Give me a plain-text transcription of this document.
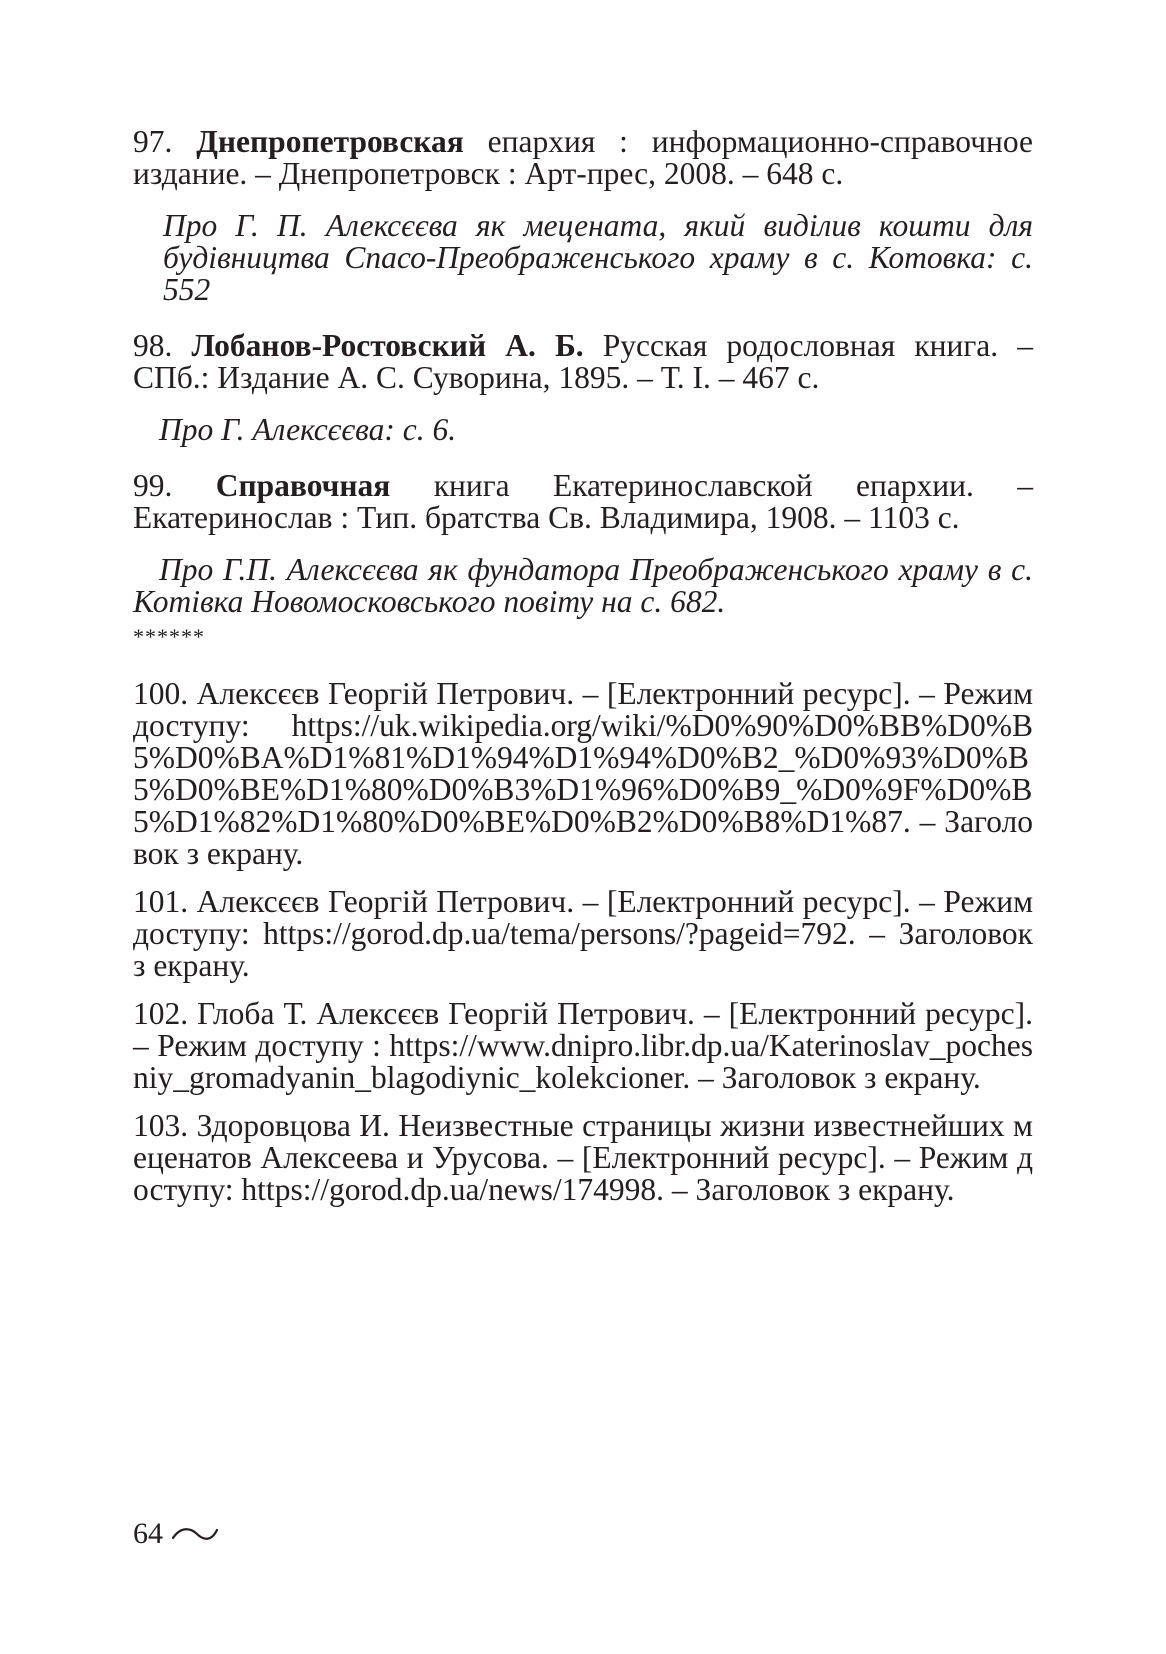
97. Днепропетровская епархия : информационно-справочное издание. – Днепропетровск : Арт-прес, 2008. – 648 с.

Про Г. П. Алексєєва як мецената, який виділив кошти для будівництва Спасо-Преображенського храму в с. Котовка: с. 552

98. Лобанов-Ростовский А. Б. Русская родословная книга. – СПб.: Издание А. С. Суворина, 1895. – Т. I. – 467 с.

Про Г. Алексєєва: с. 6.

99. Справочная книга Екатеринославской епархии. – Екатеринослав : Тип. братства Св. Владимира, 1908. – 1103 с.

Про Г.П. Алексєєва як фундатора Преображенського храму в с. Котівка Новомосковського повіту на с. 682.

******

100. Алексєєв Георгій Петрович. – [Електронний ресурс]. – Режим доступу: https://uk.wikipedia.org/wiki/%D0%90%D0%BB%D0%B5%D0%BA%D1%81%D1%94%D1%94%D0%B2_%D0%93%D0%B5%D0%BE%D1%80%D0%B3%D1%96%D0%B9_%D0%9F%D0%B5%D1%82%D1%80%D0%BE%D0%B2%D0%B8%D1%87. – Заголовок з екрану.

101. Алексєєв Георгій Петрович. – [Електронний ресурс]. – Режим доступу: https://gorod.dp.ua/tema/persons/?pageid=792. – Заголовок з екрану.

102. Глоба Т. Алексєєв Георгій Петрович. – [Електронний ресурс]. – Режим доступу : https://www.dnipro.libr.dp.ua/Katerinoslav_pochesniy_gromadyanin_blagodiynic_kolekcioner. – Заголовок з екрану.

103. Здоровцова И. Неизвестные страницы жизни известнейших меценатов Алексеева и Урусова. – [Електронний ресурс]. – Режим доступу: https://gorod.dp.ua/news/174998. – Заголовок з екрану.

64
